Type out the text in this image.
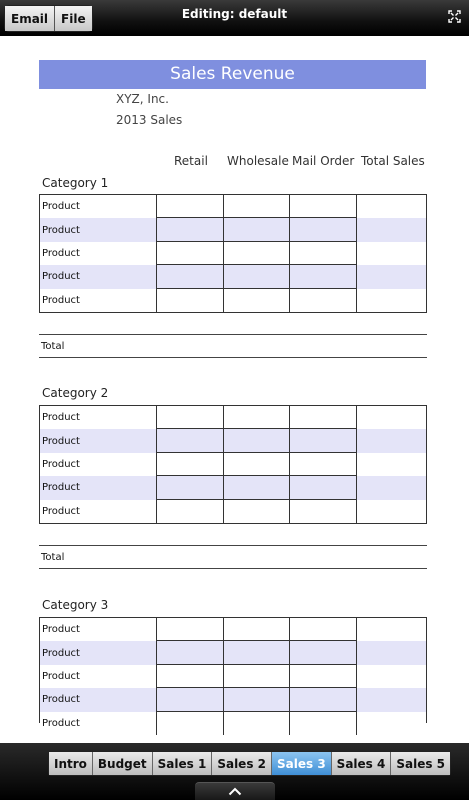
Email	File	Editing: default
Sales Revenue
XYZ, Inc.
2013 Sales
Retail Wholesale Mail Order Total Sales
Category 1
Product
Product
Product
Product
Product
Total
Category 2
Product
Product
Product
Product
Product
Total
Category 3
Product
Product
Product
Product
Product
Intro Budget Sales 1 Sales 2 Sales 3 Sales 4 Sales 5
